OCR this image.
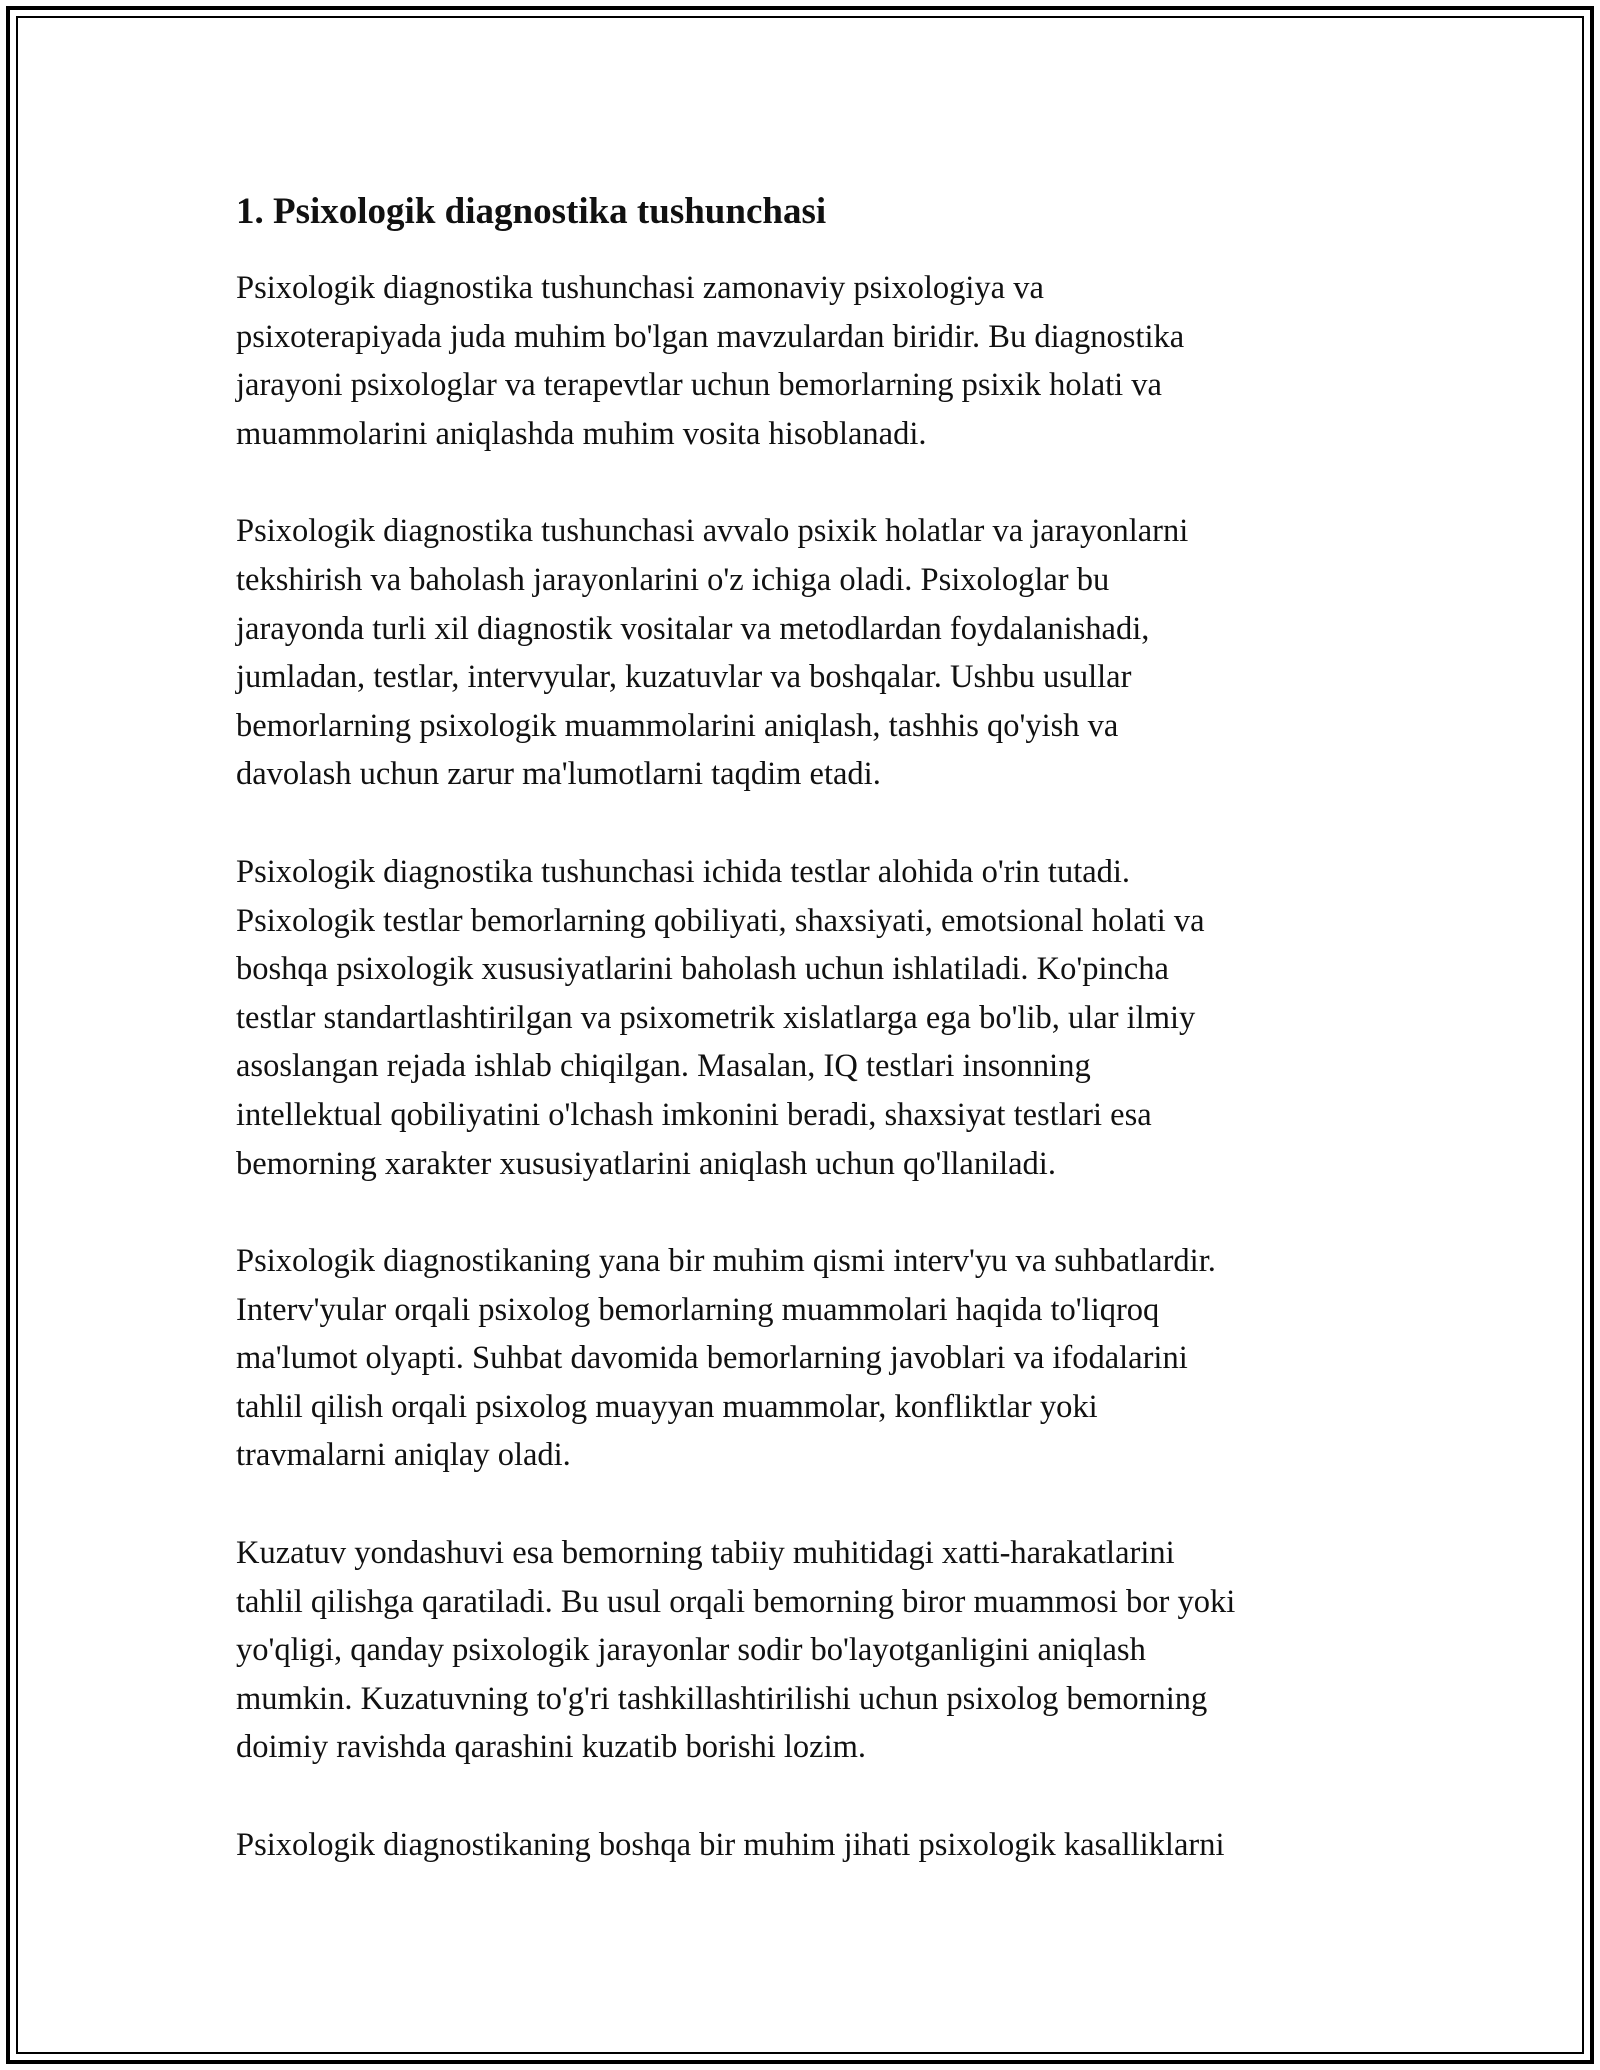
1. Psixologik diagnostika tushunchasi

Psixologik diagnostika tushunchasi zamonaviy psixologiya va
psixoterapiyada juda muhim bo'lgan mavzulardan biridir. Bu diagnostika
jarayoni psixologlar va terapevtlar uchun bemorlarning psixik holati va
muammolarini aniqlashda muhim vosita hisoblanadi.

Psixologik diagnostika tushunchasi avvalo psixik holatlar va jarayonlarni
tekshirish va baholash jarayonlarini o'z ichiga oladi. Psixologlar bu
jarayonda turli xil diagnostik vositalar va metodlardan foydalanishadi,
jumladan, testlar, intervyular, kuzatuvlar va boshqalar. Ushbu usullar
bemorlarning psixologik muammolarini aniqlash, tashhis qo'yish va
davolash uchun zarur ma'lumotlarni taqdim etadi.

Psixologik diagnostika tushunchasi ichida testlar alohida o'rin tutadi.
Psixologik testlar bemorlarning qobiliyati, shaxsiyati, emotsional holati va
boshqa psixologik xususiyatlarini baholash uchun ishlatiladi. Ko'pincha
testlar standartlashtirilgan va psixometrik xislatlarga ega bo'lib, ular ilmiy
asoslangan rejada ishlab chiqilgan. Masalan, IQ testlari insonning
intellektual qobiliyatini o'lchash imkonini beradi, shaxsiyat testlari esa
bemorning xarakter xususiyatlarini aniqlash uchun qo'llaniladi.

Psixologik diagnostikaning yana bir muhim qismi interv'yu va suhbatlardir.
Interv'yular orqali psixolog bemorlarning muammolari haqida to'liqroq
ma'lumot olyapti. Suhbat davomida bemorlarning javoblari va ifodalarini
tahlil qilish orqali psixolog muayyan muammolar, konfliktlar yoki
travmalarni aniqlay oladi.

Kuzatuv yondashuvi esa bemorning tabiiy muhitidagi xatti-harakatlarini
tahlil qilishga qaratiladi. Bu usul orqali bemorning biror muammosi bor yoki
yo'qligi, qanday psixologik jarayonlar sodir bo'layotganligini aniqlash
mumkin. Kuzatuvning to'g'ri tashkillashtirilishi uchun psixolog bemorning
doimiy ravishda qarashini kuzatib borishi lozim.

Psixologik diagnostikaning boshqa bir muhim jihati psixologik kasalliklarni
